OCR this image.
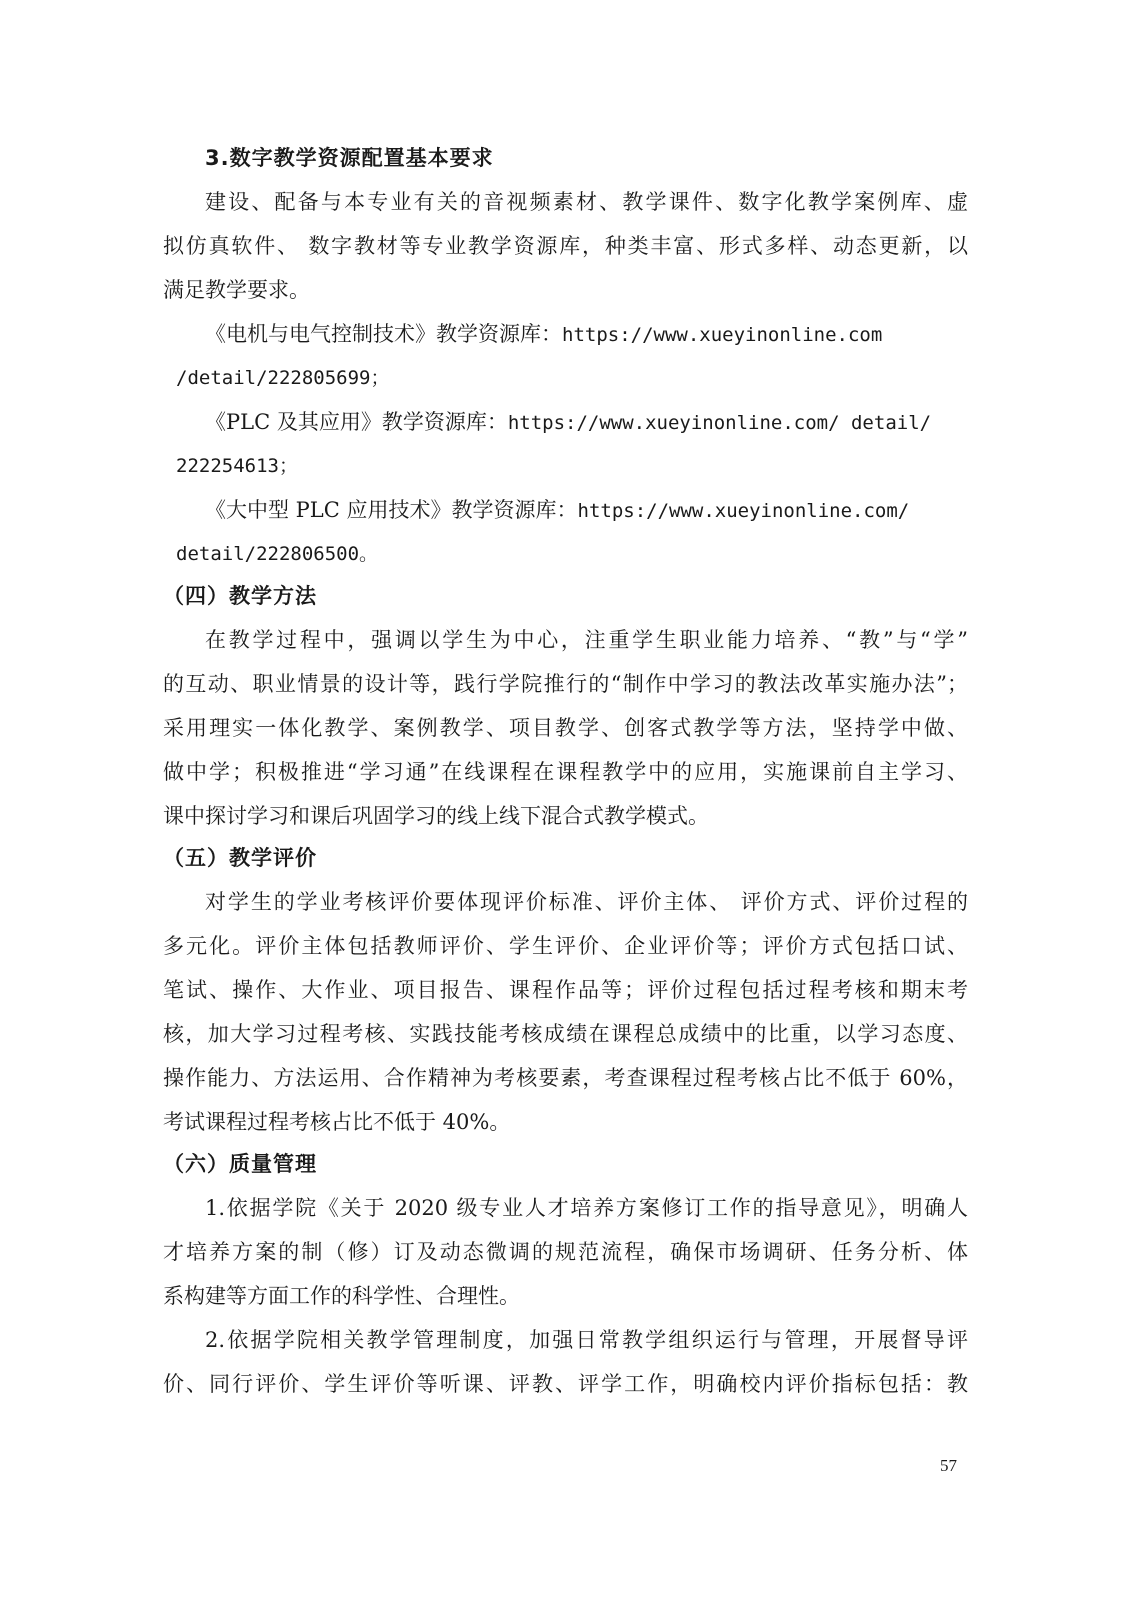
3.数字教学资源配置基本要求
建设、配备与本专业有关的音视频素材、教学课件、数字化教学案例库、虚
拟仿真软件、 数字教材等专业教学资源库，种类丰富、形式多样、动态更新，以
满足教学要求。
《电机与电气控制技术》教学资源库：https://www.xueyinonline.com
/detail/222805699；
《PLC 及其应用》教学资源库：https://www.xueyinonline.com/ detail/
222254613；
《大中型 PLC 应用技术》教学资源库：https://www.xueyinonline.com/
detail/222806500。
（四）教学方法
在教学过程中，强调以学生为中心，注重学生职业能力培养、“教”与“学”
的互动、职业情景的设计等，践行学院推行的“制作中学习的教法改革实施办法”；
采用理实一体化教学、案例教学、项目教学、创客式教学等方法，坚持学中做、
做中学；积极推进“学习通”在线课程在课程教学中的应用，实施课前自主学习、
课中探讨学习和课后巩固学习的线上线下混合式教学模式。
（五）教学评价
对学生的学业考核评价要体现评价标准、评价主体、 评价方式、评价过程的
多元化。评价主体包括教师评价、学生评价、企业评价等；评价方式包括口试、
笔试、操作、大作业、项目报告、课程作品等；评价过程包括过程考核和期末考
核，加大学习过程考核、实践技能考核成绩在课程总成绩中的比重，以学习态度、
操作能力、方法运用、合作精神为考核要素，考查课程过程考核占比不低于 60%，
考试课程过程考核占比不低于 40%。
（六）质量管理
1.依据学院《关于 2020 级专业人才培养方案修订工作的指导意见》，明确人
才培养方案的制（修）订及动态微调的规范流程，确保市场调研、任务分析、体
系构建等方面工作的科学性、合理性。
2.依据学院相关教学管理制度，加强日常教学组织运行与管理，开展督导评
价、同行评价、学生评价等听课、评教、评学工作，明确校内评价指标包括：教
57
